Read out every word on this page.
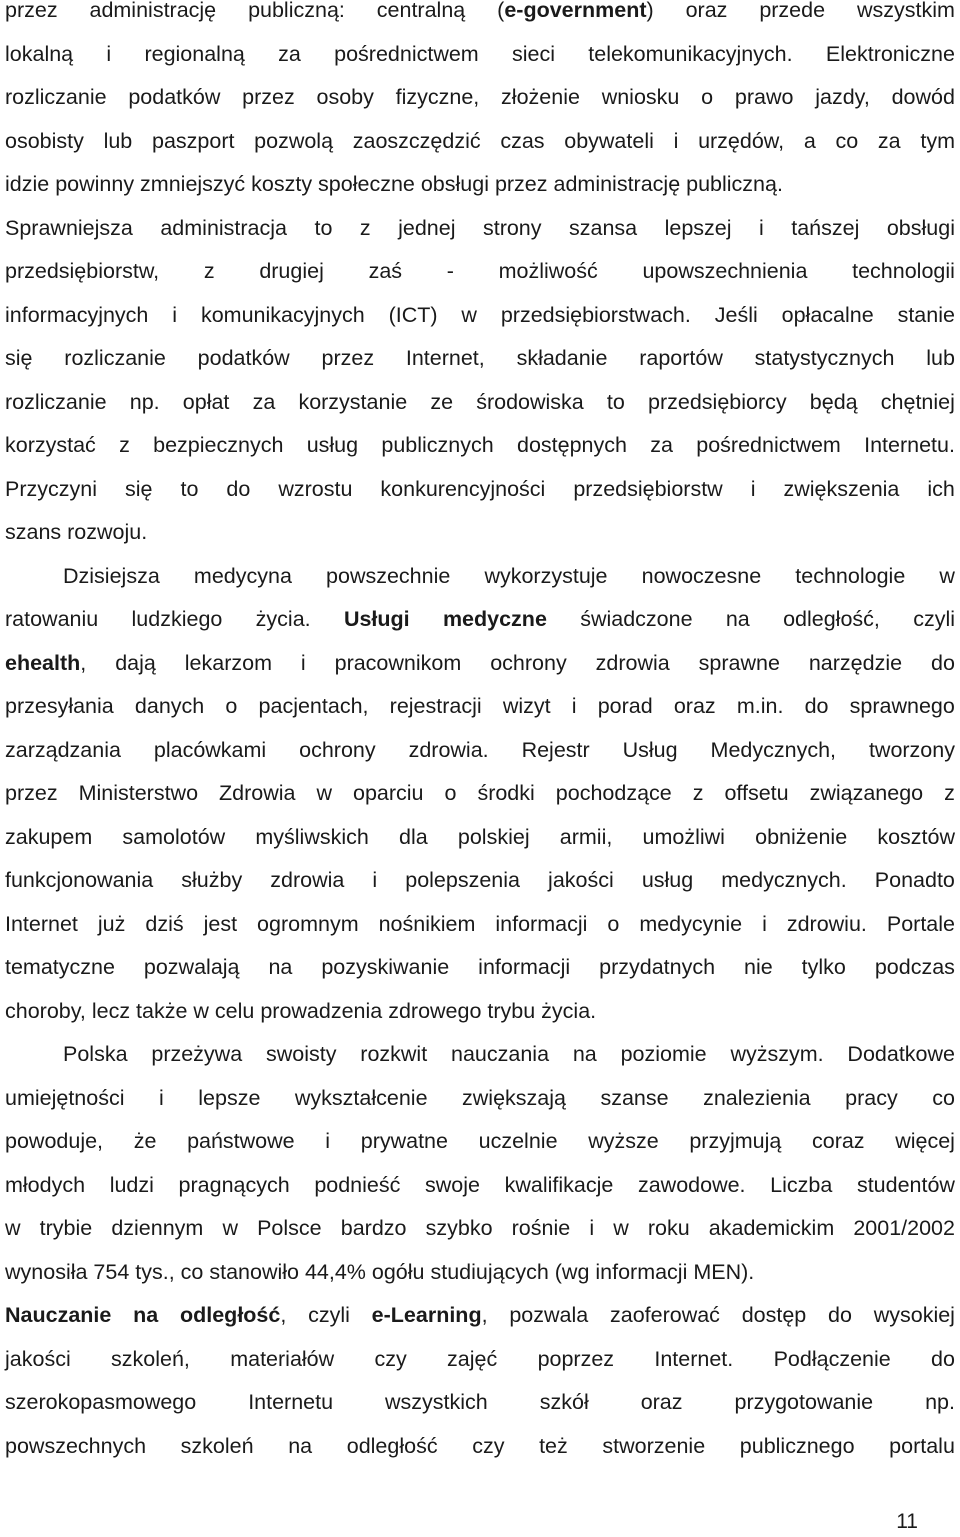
przez administrację publiczną: centralną (e-government) oraz przede wszystkim
lokalną i regionalną za pośrednictwem sieci telekomunikacyjnych. Elektroniczne
rozliczanie podatków przez osoby fizyczne, złożenie wniosku o prawo jazdy, dowód
osobisty lub paszport pozwolą zaoszczędzić czas obywateli i urzędów, a co za tym
idzie powinny zmniejszyć koszty społeczne obsługi przez administrację publiczną.
Sprawniejsza administracja to z jednej strony szansa lepszej i tańszej obsługi
przedsiębiorstw, z drugiej zaś - możliwość upowszechnienia technologii
informacyjnych i komunikacyjnych (ICT) w przedsiębiorstwach. Jeśli opłacalne stanie
się rozliczanie podatków przez Internet, składanie raportów statystycznych lub
rozliczanie np. opłat za korzystanie ze środowiska to przedsiębiorcy będą chętniej
korzystać z bezpiecznych usług publicznych dostępnych za pośrednictwem Internetu.
Przyczyni się to do wzrostu konkurencyjności przedsiębiorstw i zwiększenia ich
szans rozwoju.
Dzisiejsza medycyna powszechnie wykorzystuje nowoczesne technologie w
ratowaniu ludzkiego życia. Usługi medyczne świadczone na odległość, czyli
ehealth, dają lekarzom i pracownikom ochrony zdrowia sprawne narzędzie do
przesyłania danych o pacjentach, rejestracji wizyt i porad oraz m.in. do sprawnego
zarządzania placówkami ochrony zdrowia. Rejestr Usług Medycznych, tworzony
przez Ministerstwo Zdrowia w oparciu o środki pochodzące z offsetu związanego z
zakupem samolotów myśliwskich dla polskiej armii, umożliwi obniżenie kosztów
funkcjonowania służby zdrowia i polepszenia jakości usług medycznych. Ponadto
Internet już dziś jest ogromnym nośnikiem informacji o medycynie i zdrowiu. Portale
tematyczne pozwalają na pozyskiwanie informacji przydatnych nie tylko podczas
choroby, lecz także w celu prowadzenia zdrowego trybu życia.
Polska przeżywa swoisty rozkwit nauczania na poziomie wyższym. Dodatkowe
umiejętności i lepsze wykształcenie zwiększają szanse znalezienia pracy co
powoduje, że państwowe i prywatne uczelnie wyższe przyjmują coraz więcej
młodych ludzi pragnących podnieść swoje kwalifikacje zawodowe. Liczba studentów
w trybie dziennym w Polsce bardzo szybko rośnie i w roku akademickim 2001/2002
wynosiła 754 tys., co stanowiło 44,4% ogółu studiujących (wg informacji MEN).
Nauczanie na odległość, czyli e-Learning, pozwala zaoferować dostęp do wysokiej
jakości szkoleń, materiałów czy zajęć poprzez Internet. Podłączenie do
szerokopasmowego Internetu wszystkich szkół oraz przygotowanie np.
powszechnych szkoleń na odległość czy też stworzenie publicznego portalu
11
